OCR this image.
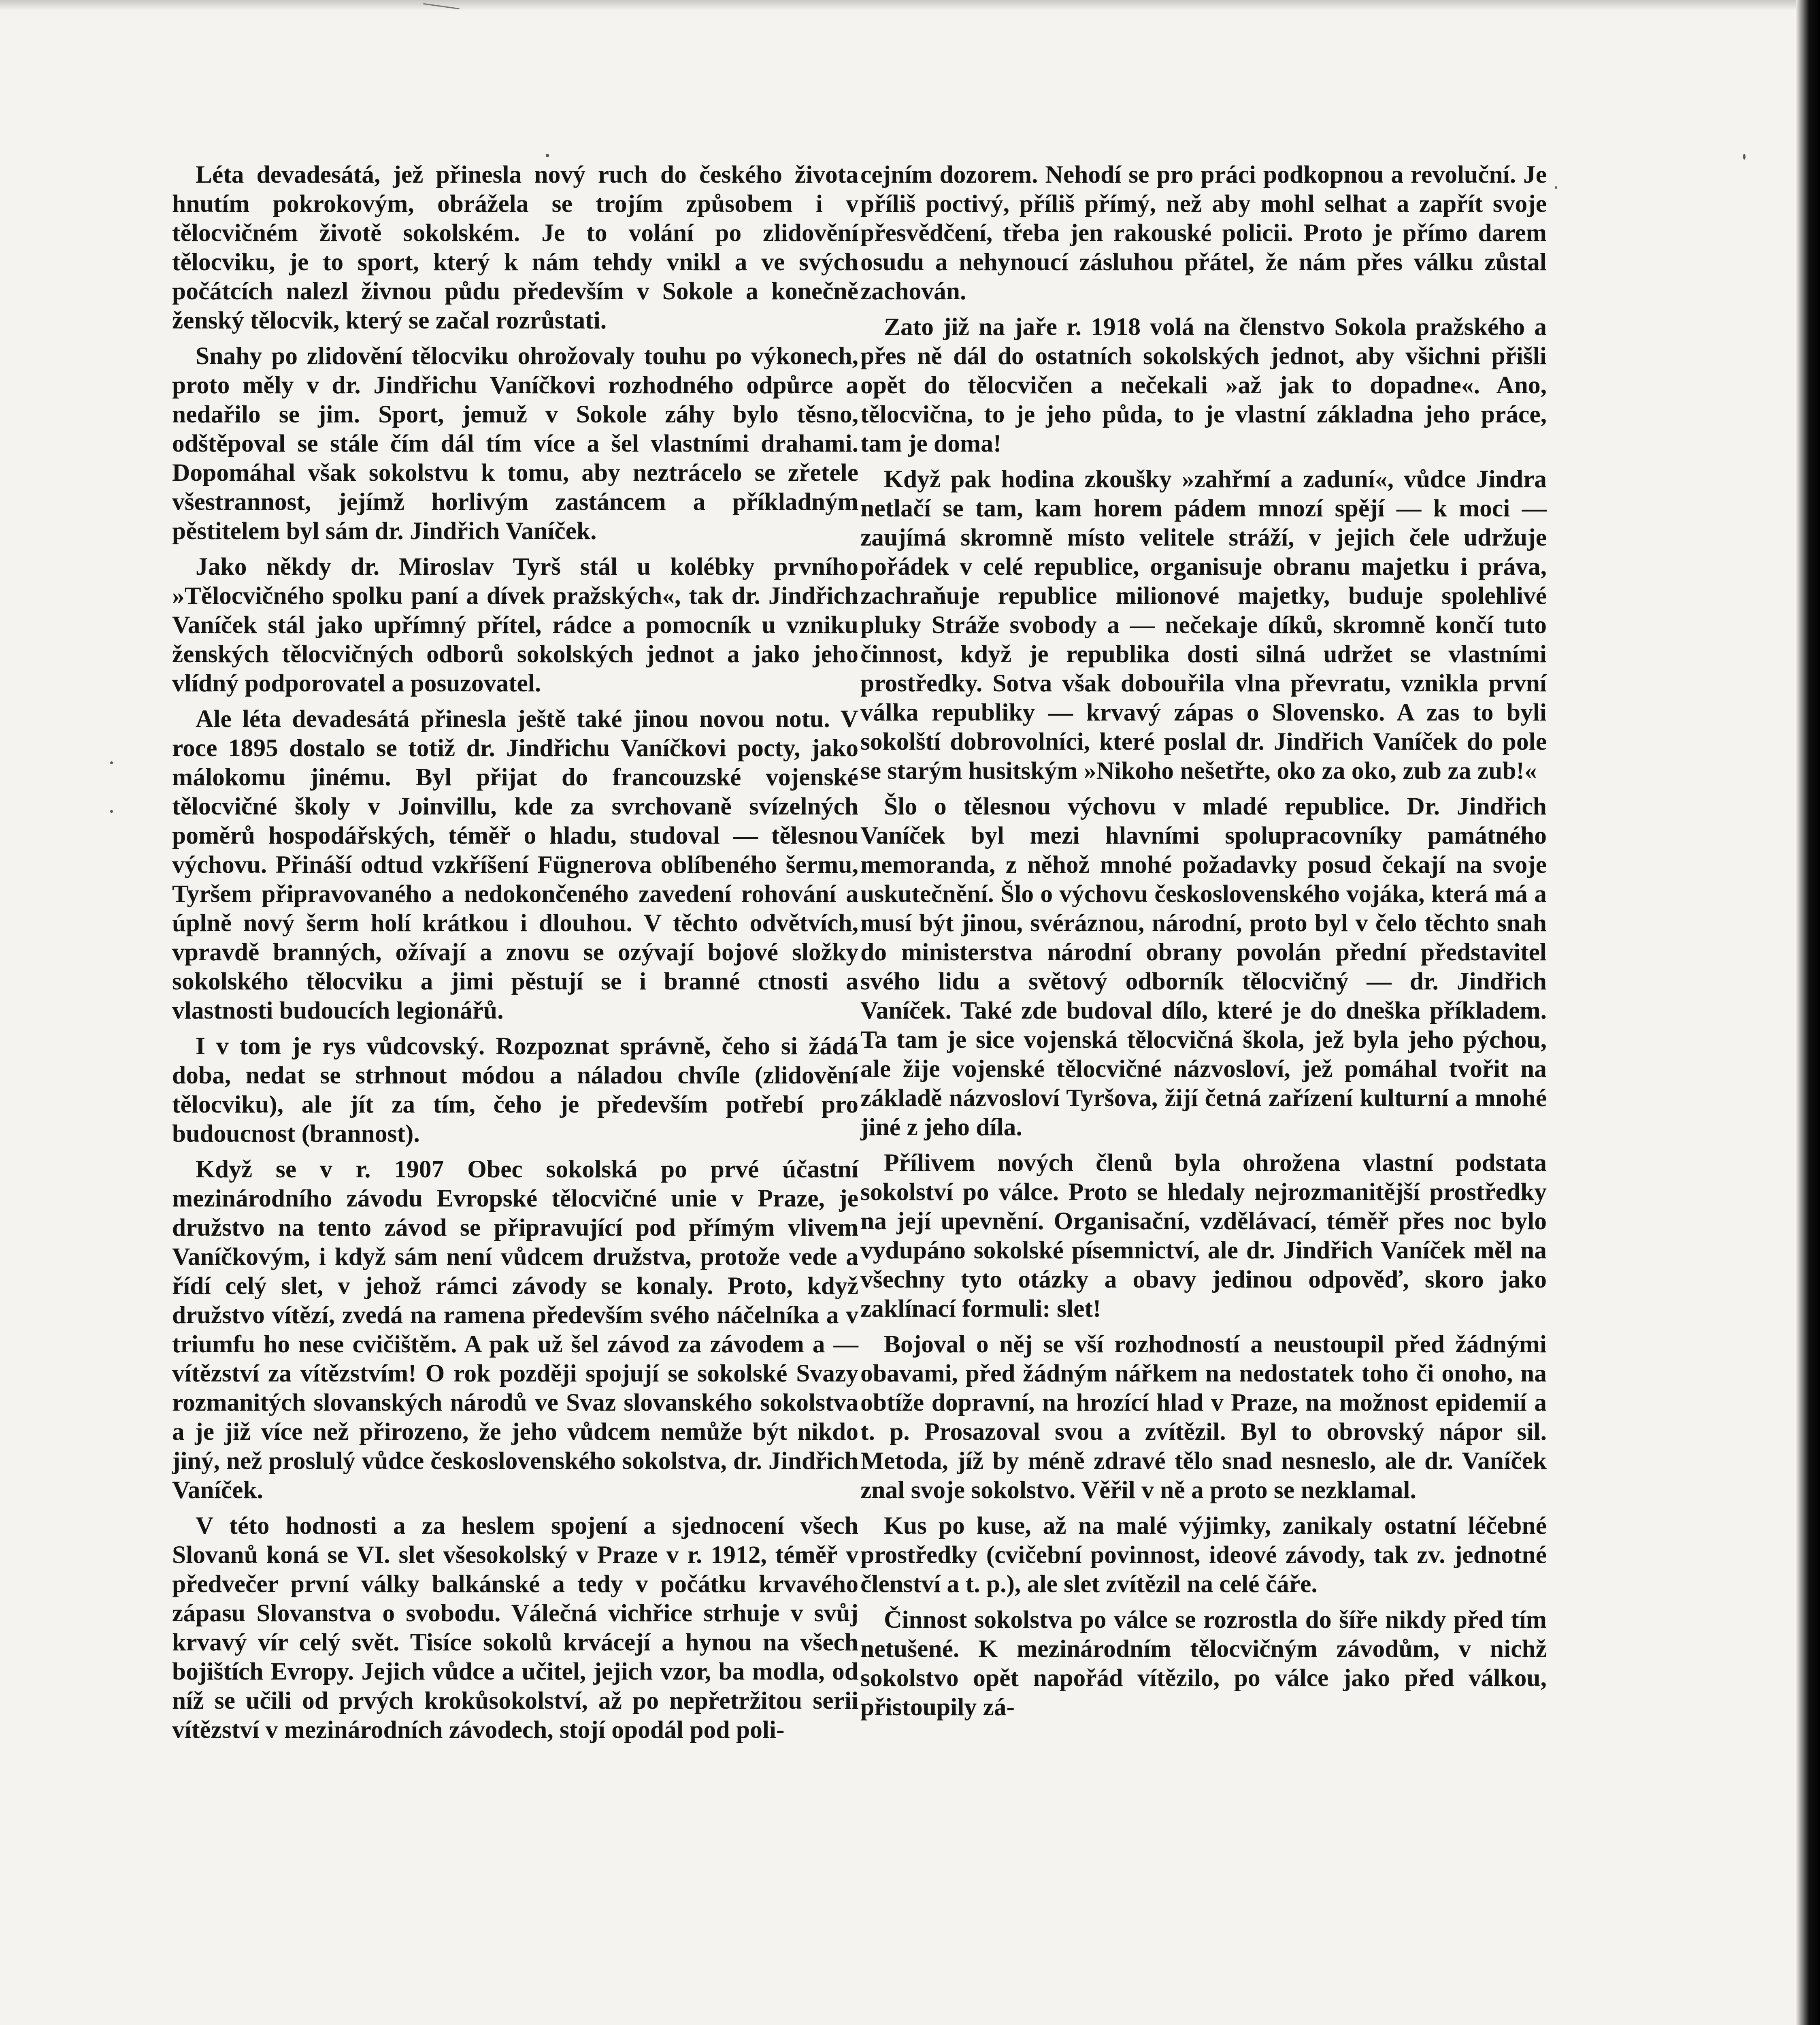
Léta devadesátá, jež přinesla nový ruch do českého života hnutím pokrokovým, obrážela se trojím způsobem i v tělocvičném životě sokolském. Je to volání po zlidovění tělocviku, je to sport, který k nám tehdy vnikl a ve svých počátcích nalezl živnou půdu především v Sokole a konečně ženský tělocvik, který se začal rozrůstati.

Snahy po zlidovění tělocviku ohrožovaly touhu po výkonech, proto měly v dr. Jindřichu Vaníčkovi rozhodného odpůrce a nedařilo se jim. Sport, jemuž v Sokole záhy bylo těsno, odštěpoval se stále čím dál tím více a šel vlastními drahami. Dopomáhal však sokolstvu k tomu, aby neztrácelo se zřetele všestrannost, jejímž horlivým zastáncem a příkladným pěstitelem byl sám dr. Jindřich Vaníček.

Jako někdy dr. Miroslav Tyrš stál u kolébky prvního »Tělocvičného spolku paní a dívek pražských«, tak dr. Jindřich Vaníček stál jako upřímný přítel, rádce a pomocník u vzniku ženských tělocvičných odborů sokolských jednot a jako jeho vlídný podporovatel a posuzovatel.

Ale léta devadesátá přinesla ještě také jinou novou notu. V roce 1895 dostalo se totiž dr. Jindřichu Vaníčkovi pocty, jako málokomu jinému. Byl přijat do francouzské vojenské tělocvičné školy v Joinvillu, kde za svrchovaně svízelných poměrů hospodářských, téměř o hladu, studoval — tělesnou výchovu. Přináší odtud vzkříšení Fügnerova oblíbeného šermu, Tyršem připravovaného a nedokončeného zavedení rohování a úplně nový šerm holí krátkou i dlouhou. V těchto odvětvích, vpravdě branných, ožívají a znovu se ozývají bojové složky sokolského tělocviku a jimi pěstují se i branné ctnosti a vlastnosti budoucích legionářů.

I v tom je rys vůdcovský. Rozpoznat správně, čeho si žádá doba, nedat se strhnout módou a náladou chvíle (zlidovění tělocviku), ale jít za tím, čeho je především potřebí pro budoucnost (brannost).

Když se v r. 1907 Obec sokolská po prvé účastní mezinárodního závodu Evropské tělocvičné unie v Praze, je družstvo na tento závod se připravující pod přímým vlivem Vaníčkovým, i když sám není vůdcem družstva, protože vede a řídí celý slet, v jehož rámci závody se konaly. Proto, když družstvo vítězí, zvedá na ramena především svého náčelníka a v triumfu ho nese cvičištěm. A pak už šel závod za závodem a — vítězství za vítězstvím! O rok později spojují se sokolské Svazy rozmanitých slovanských národů ve Svaz slovanského sokolstva a je již více než přirozeno, že jeho vůdcem nemůže být nikdo jiný, než proslulý vůdce československého sokolstva, dr. Jindřich Vaníček.

V této hodnosti a za heslem spojení a sjednocení všech Slovanů koná se VI. slet všesokolský v Praze v r. 1912, téměř v předvečer první války balkánské a tedy v počátku krvavého zápasu Slovanstva o svobodu. Válečná vichřice strhuje v svůj krvavý vír celý svět. Tisíce sokolů krvácejí a hynou na všech bojištích Evropy. Jejich vůdce a učitel, jejich vzor, ba modla, od níž se učili od prvých krokůsokolství, až po nepřetržitou serii vítězství v mezinárodních závodech, stojí opodál pod poli-

cejním dozorem. Nehodí se pro práci podkopnou a revoluční. Je příliš poctivý, příliš přímý, než aby mohl selhat a zapřít svoje přesvědčení, třeba jen rakouské policii. Proto je přímo darem osudu a nehynoucí zásluhou přátel, že nám přes válku zůstal zachován.

Zato již na jaře r. 1918 volá na členstvo Sokola pražského a přes ně dál do ostatních sokolských jednot, aby všichni přišli opět do tělocvičen a nečekali »až jak to dopadne«. Ano, tělocvična, to je jeho půda, to je vlastní základna jeho práce, tam je doma!

Když pak hodina zkoušky »zahřmí a zaduní«, vůdce Jindra netlačí se tam, kam horem pádem mnozí spějí — k moci — zaujímá skromně místo velitele stráží, v jejich čele udržuje pořádek v celé republice, organisuje obranu majetku i práva, zachraňuje republice milionové majetky, buduje spolehlivé pluky Stráže svobody a — nečekaje díků, skromně končí tuto činnost, když je republika dosti silná udržet se vlastními prostředky. Sotva však dobouřila vlna převratu, vznikla první válka republiky — krvavý zápas o Slovensko. A zas to byli sokolští dobrovolníci, které poslal dr. Jindřich Vaníček do pole se starým husitským »Nikoho nešetřte, oko za oko, zub za zub!«

Šlo o tělesnou výchovu v mladé republice. Dr. Jindřich Vaníček byl mezi hlavními spolupracovníky památného memoranda, z něhož mnohé požadavky posud čekají na svoje uskutečnění. Šlo o výchovu československého vojáka, která má a musí být jinou, svéráznou, národní, proto byl v čelo těchto snah do ministerstva národní obrany povolán přední představitel svého lidu a světový odborník tělocvičný — dr. Jindřich Vaníček. Také zde budoval dílo, které je do dneška příkladem. Ta tam je sice vojenská tělocvičná škola, jež byla jeho pýchou, ale žije vojenské tělocvičné názvosloví, jež pomáhal tvořit na základě názvosloví Tyršova, žijí četná zařízení kulturní a mnohé jiné z jeho díla.

Přílivem nových členů byla ohrožena vlastní podstata sokolství po válce. Proto se hledaly nejrozmanitější prostředky na její upevnění. Organisační, vzdělávací, téměř přes noc bylo vydupáno sokolské písemnictví, ale dr. Jindřich Vaníček měl na všechny tyto otázky a obavy jedinou odpověď, skoro jako zaklínací formuli: slet!

Bojoval o něj se vší rozhodností a neustoupil před žádnými obavami, před žádným nářkem na nedostatek toho či onoho, na obtíže dopravní, na hrozící hlad v Praze, na možnost epidemií a t. p. Prosazoval svou a zvítězil. Byl to obrovský nápor sil. Metoda, jíž by méně zdravé tělo snad nesneslo, ale dr. Vaníček znal svoje sokolstvo. Věřil v ně a proto se nezklamal.

Kus po kuse, až na malé výjimky, zanikaly ostatní léčebné prostředky (cvičební povinnost, ideové závody, tak zv. jednotné členství a t. p.), ale slet zvítězil na celé čáře.

Činnost sokolstva po válce se rozrostla do šíře nikdy před tím netušené. K mezinárodním tělocvičným závodům, v nichž sokolstvo opět napořád vítězilo, po válce jako před válkou, přistoupily zá-
